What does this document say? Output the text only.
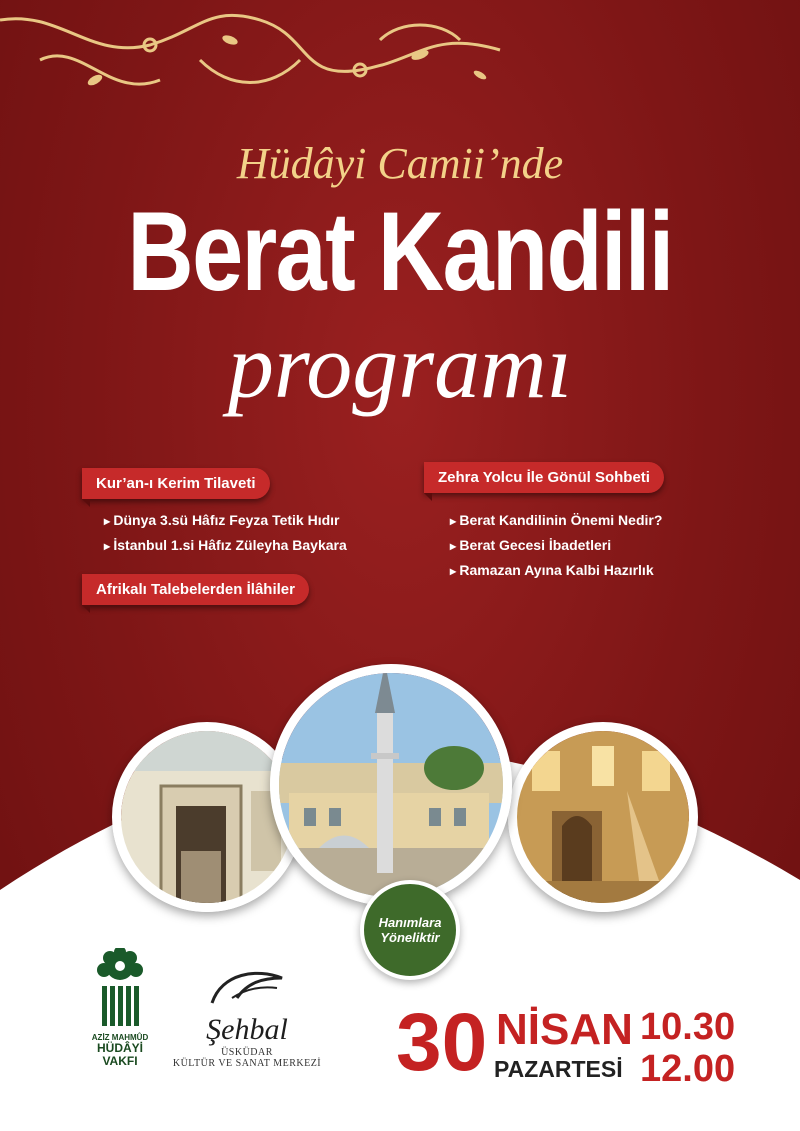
Hüdâyi Camii’nde
Berat Kandili
programı
Kur’an-ı Kerim Tilaveti
▸ Dünya 3.sü Hâfız Feyza Tetik Hıdır
▸ İstanbul 1.si Hâfız Züleyha Baykara
Afrikalı Talebelerden İlâhiler
Zehra Yolcu İle Gönül Sohbeti
▸ Berat Kandilinin Önemi Nedir?
▸ Berat Gecesi İbadetleri
▸ Ramazan Ayına Kalbi Hazırlık
Hanımlara
Yöneliktir
AZİZ MAHMÛD
HÜDÂYİ
VAKFI
Şehbal
ÜSKÜDAR
KÜLTÜR VE SANAT MERKEZİ 30 NİSAN
PAZARTESİ
10.30
12.00
